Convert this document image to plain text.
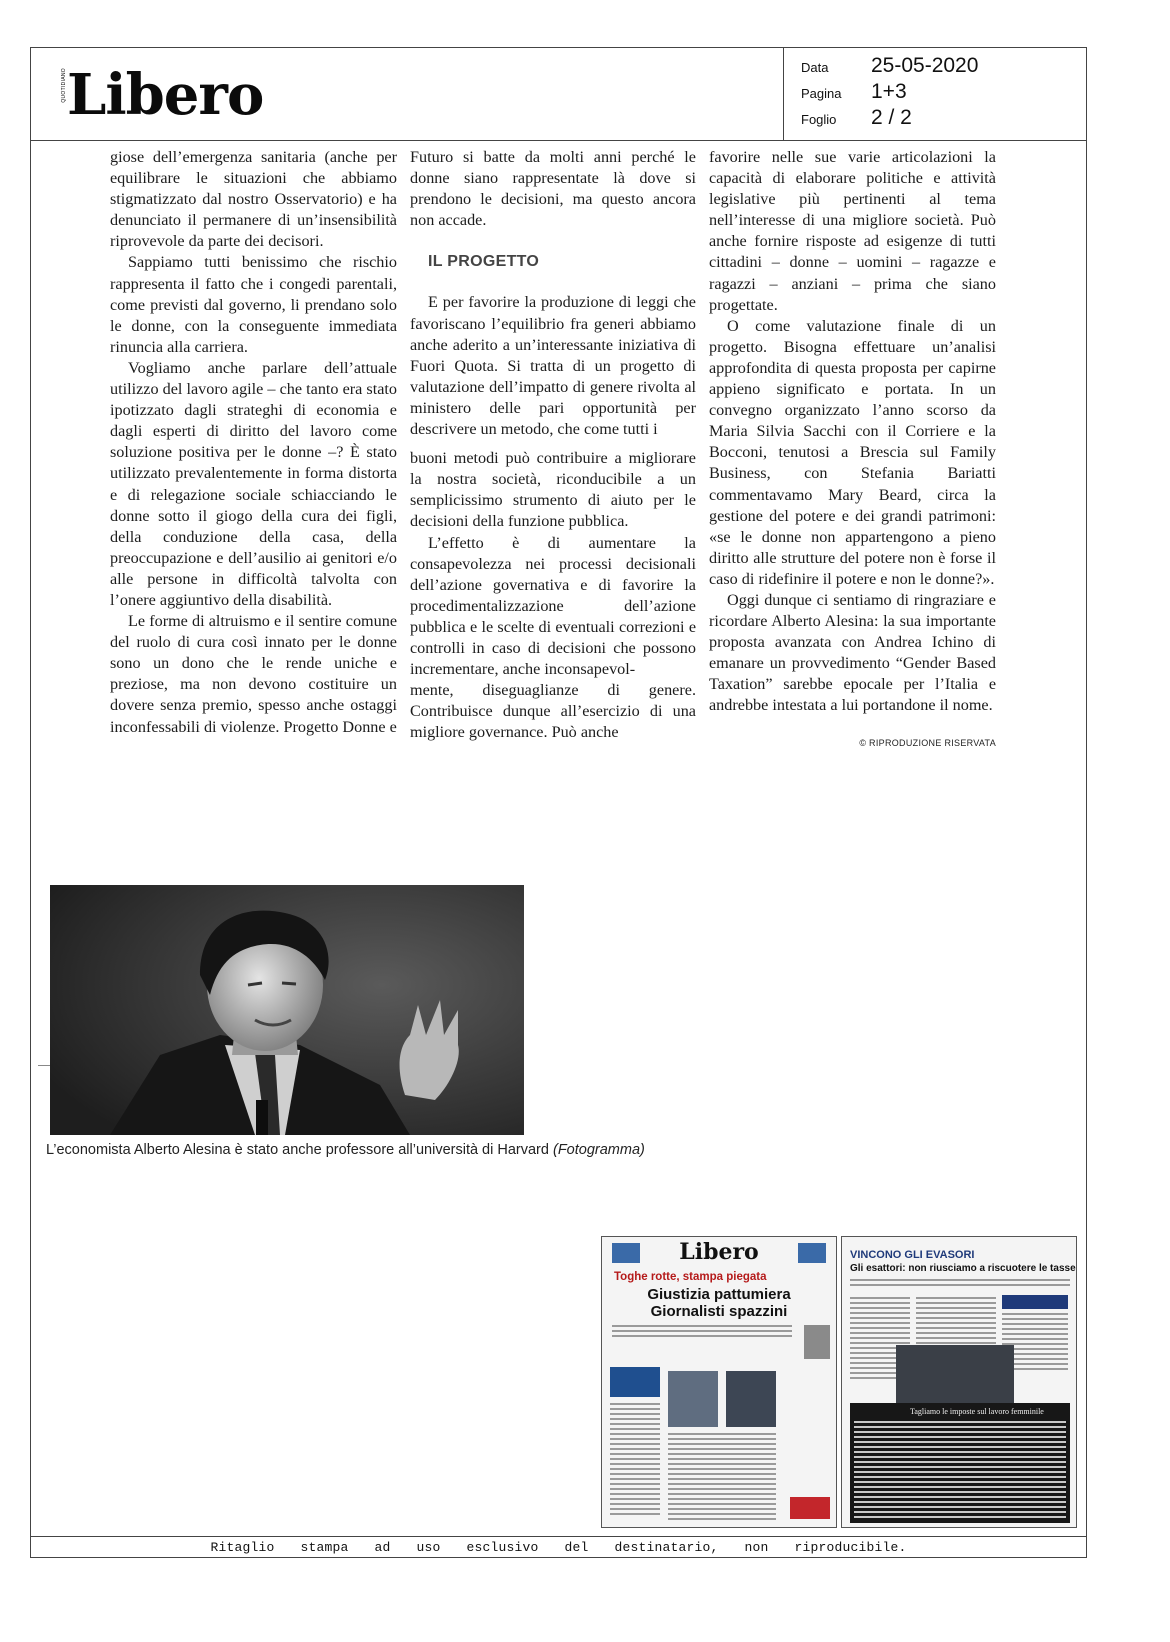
QUOTIDIANO Libero	Data	25-05-2020
Pagina	1+3
Foglio	2 / 2

giose dell’emergenza sanitaria (anche per equilibrare le situazioni che abbiamo stigmatizzato dal nostro Osservatorio) e ha denunciato il permanere di un’insensibilità riprovevole da parte dei decisori.

Sappiamo tutti benissimo che rischio rappresenta il fatto che i congedi parentali, come previsti dal governo, li prendano solo le donne, con la conseguente immediata rinuncia alla carriera.

Vogliamo anche parlare dell’attuale utilizzo del lavoro agile – che tanto era stato ipotizzato dagli strateghi di economia e dagli esperti di diritto del lavoro come soluzione positiva per le donne –? È stato utilizzato prevalentemente in forma distorta e di relegazione sociale schiacciando le donne sotto il giogo della cura dei figli, della conduzione della casa, della preoccupazione e dell’ausilio ai genitori e/o alle persone in difficoltà talvolta con l’onere aggiuntivo della disabilità.

Le forme di altruismo e il sentire comune del ruolo di cura così innato per le donne sono un dono che le rende uniche e preziose, ma non devono costituire un dovere senza premio, spesso anche ostaggi inconfessabili di violenze. Progetto Donne e

Futuro si batte da molti anni perché le donne siano rappresentate là dove si prendono le decisioni, ma questo ancora non accade.

IL PROGETTO

E per favorire la produzione di leggi che favoriscano l’equilibrio fra generi abbiamo anche aderito a un’interessante iniziativa di Fuori Quota. Si tratta di un progetto di valutazione dell’impatto di genere rivolta al ministero delle pari opportunità per descrivere un metodo, che come tutti i

buoni metodi può contribuire a migliorare la nostra società, riconducibile a un semplicissimo strumento di aiuto per le decisioni della funzione pubblica.

L’effetto è di aumentare la consapevolezza nei processi decisionali dell’azione governativa e di favorire la procedimentalizzazione dell’azione pubblica e le scelte di eventuali correzioni e controlli in caso di decisioni che possono incrementare, anche inconsapevol-

mente, diseguaglianze di genere. Contribuisce dunque all’esercizio di una migliore governance. Può anche

favorire nelle sue varie articolazioni la capacità di elaborare politiche e attività legislative più pertinenti al tema nell’interesse di una migliore società. Può anche fornire risposte ad esigenze di tutti cittadini – donne – uomini – ragazze e ragazzi – anziani – prima che siano progettate.

O come valutazione finale di un progetto. Bisogna effettuare un’analisi approfondita di questa proposta per capirne appieno significato e portata. In un convegno organizzato l’anno scorso da Maria Silvia Sacchi con il Corriere e la Bocconi, tenutosi a Brescia sul Family Business, con Stefania Bariatti commentavamo Mary Beard, circa la gestione del potere e dei grandi patrimoni: «se le donne non appartengono a pieno diritto alle strutture del potere non è forse il caso di ridefinire il potere e non le donne?».

Oggi dunque ci sentiamo di ringraziare e ricordare Alberto Alesina: la sua importante proposta avanzata con Andrea Ichino di emanare un provvedimento “Gender Based Taxation” sarebbe epocale per l’Italia e andrebbe intestata a lui portandone il nome.

© RIPRODUZIONE RISERVATA
L’economista Alberto Alesina è stato anche professore all’università di Harvard (Fotogramma)
Libero
Toghe rotte, stampa piegata
Giustizia pattumiera
Giornalisti spazzini
VINCONO GLI EVASORI
Gli esattori: non riusciamo a riscuotere le tasse
Tagliamo le imposte sul lavoro femminile
Ritaglio stampa ad uso esclusivo del destinatario, non riproducibile.
